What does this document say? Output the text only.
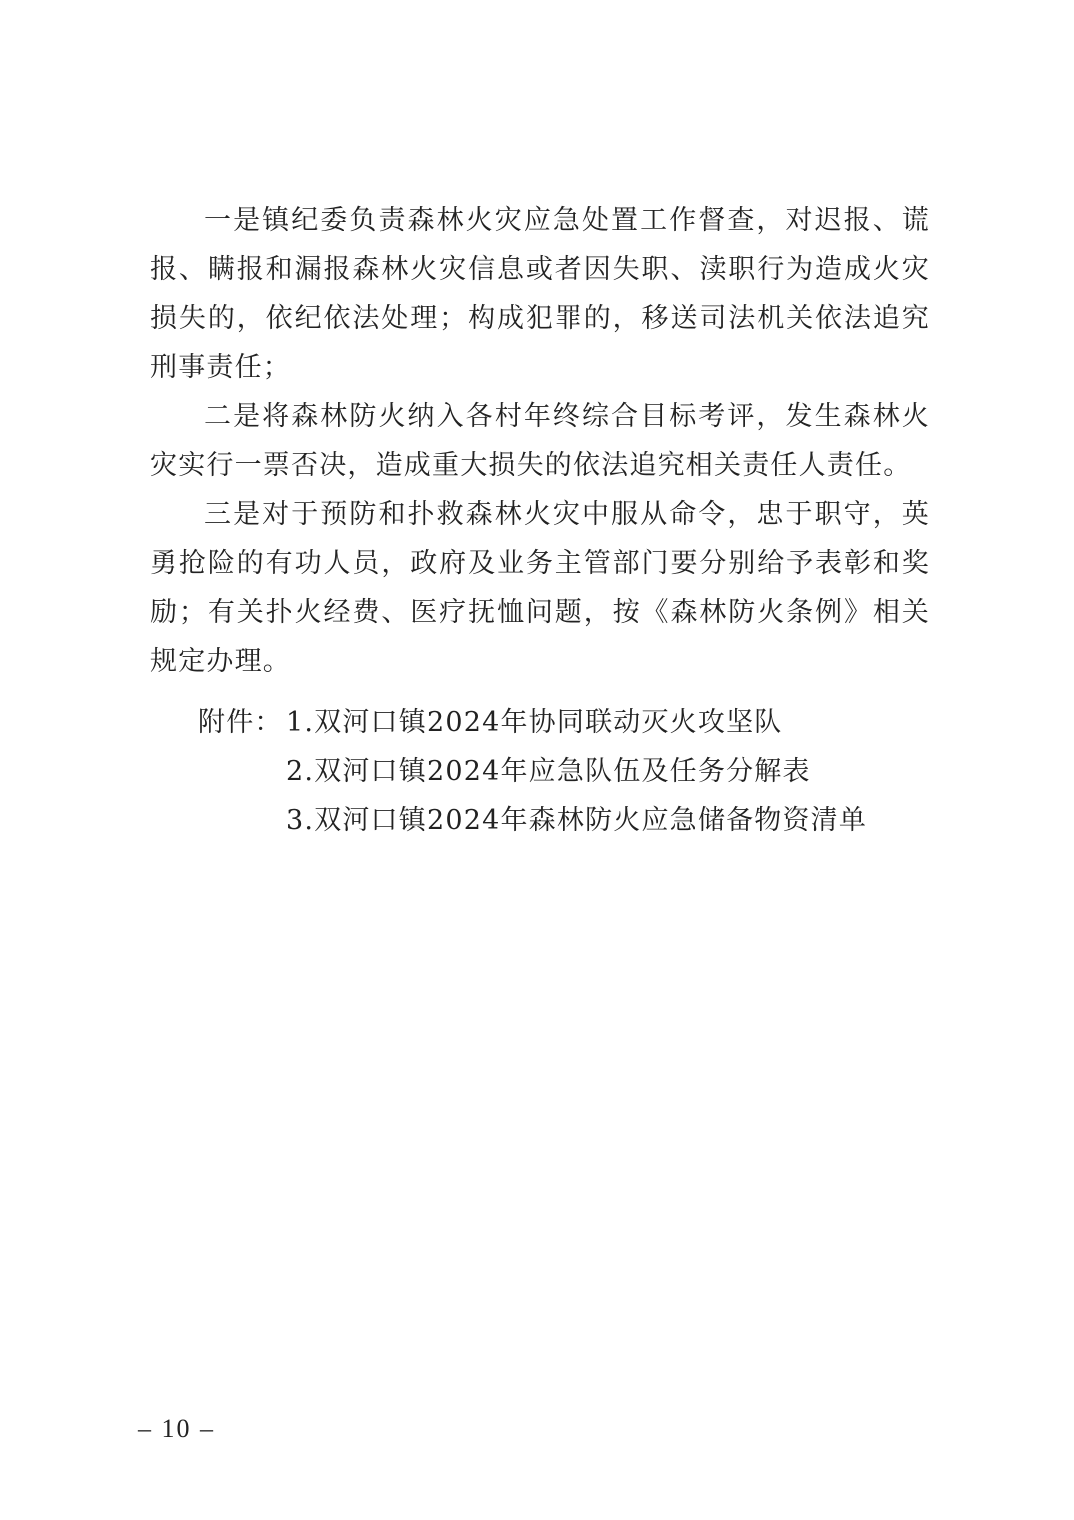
一是镇纪委负责森林火灾应急处置工作督查，对迟报、谎报、瞒报和漏报森林火灾信息或者因失职、渎职行为造成火灾损失的，依纪依法处理；构成犯罪的，移送司法机关依法追究刑事责任；

二是将森林防火纳入各村年终综合目标考评，发生森林火灾实行一票否决，造成重大损失的依法追究相关责任人责任。

三是对于预防和扑救森林火灾中服从命令，忠于职守，英勇抢险的有功人员，政府及业务主管部门要分别给予表彰和奖励；有关扑火经费、医疗抚恤问题，按《森林防火条例》相关规定办理。

附件： 1.双河口镇2024年协同联动灭火攻坚队
2.双河口镇2024年应急队伍及任务分解表
3.双河口镇2024年森林防火应急储备物资清单
– 10 –
